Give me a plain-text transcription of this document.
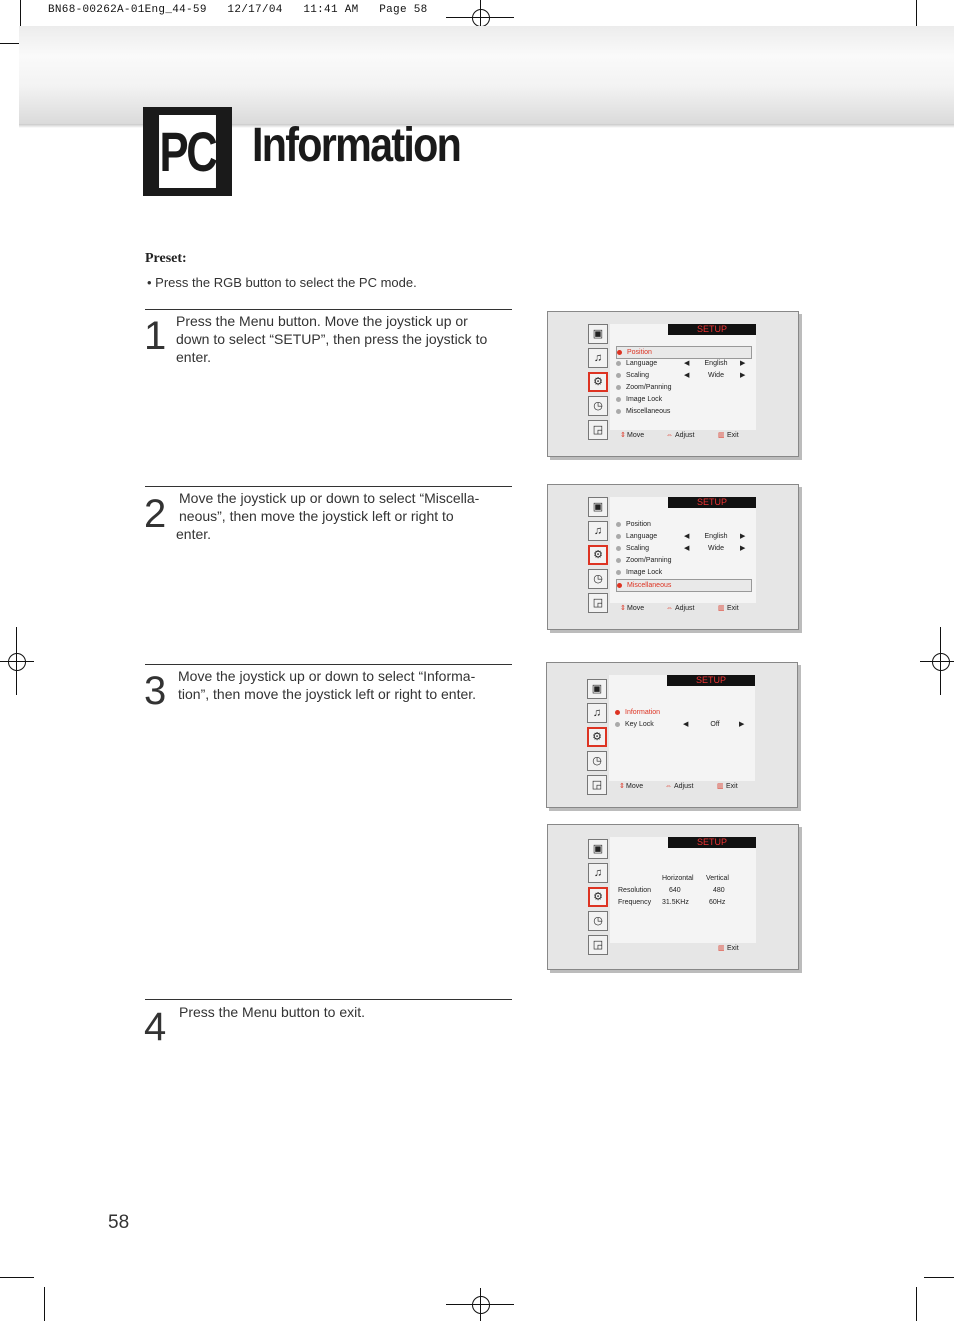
BN68-00262A-01Eng_44-59   12/17/04   11:41 AM   Page 58
PC Information
Preset:
• Press the RGB button to select the PC mode.
1 Press the Menu button. Move the joystick up or
down to select “SETUP”, then press the joystick to
enter.
2 Move the joystick up or down to select “Miscella-
neous”, then move the joystick left or right to
enter.
3 Move the joystick up or down to select “Informa-
tion”, then move the joystick left or right to enter.
4 Press the Menu button to exit.
▣
♫
⚙
◷
◲
SETUP
Position
Language	◀	English	▶
Scaling	◀	Wide	▶
Zoom/Panning
Image Lock
Miscellaneous
⇕ Move	⇔ Adjust	▥ Exit
▣
♫
⚙
◷
◲
SETUP
Position
Language	◀	English	▶
Scaling	◀	Wide	▶
Zoom/Panning
Image Lock
Miscellaneous
⇕ Move	⇔ Adjust	▥ Exit
▣
♫
⚙
◷
◲
SETUP
Information
Key Lock	◀	Off	▶
⇕ Move	⇔ Adjust	▥ Exit
▣
♫
⚙
◷
◲
SETUP
Horizontal Vertical
Resolution	640	480
Frequency 31.5KHz	60Hz
▥ Exit
58
